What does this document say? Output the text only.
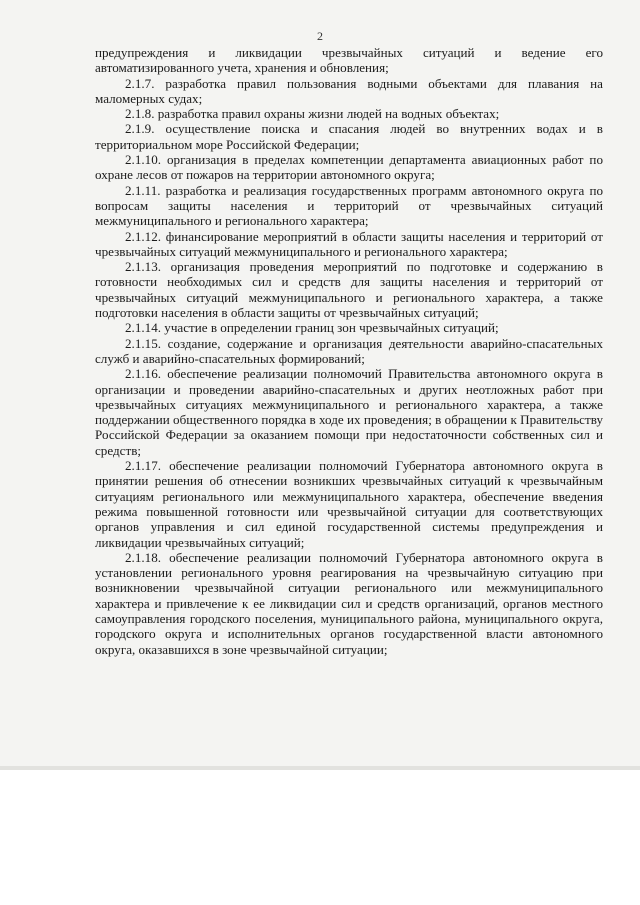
2

предупреждения и ликвидации чрезвычайных ситуаций и ведение его автоматизированного учета, хранения и обновления;

2.1.7. разработка правил пользования водными объектами для плавания на маломерных судах;

2.1.8. разработка правил охраны жизни людей на водных объектах;

2.1.9. осуществление поиска и спасания людей во внутренних водах и в территориальном море Российской Федерации;

2.1.10. организация в пределах компетенции департамента авиационных работ по охране лесов от пожаров на территории автономного округа;

2.1.11. разработка и реализация государственных программ автономного округа по вопросам защиты населения и территорий от чрезвычайных ситуаций межмуниципального и регионального характера;

2.1.12. финансирование мероприятий в области защиты населения и территорий от чрезвычайных ситуаций межмуниципального и регионального характера;

2.1.13. организация проведения мероприятий по подготовке и содержанию в готовности необходимых сил и средств для защиты населения и территорий от чрезвычайных ситуаций межмуниципального и регионального характера, а также подготовки населения в области защиты от чрезвычайных ситуаций;

2.1.14. участие в определении границ зон чрезвычайных ситуаций;

2.1.15. создание, содержание и организация деятельности аварийно-спасательных служб и аварийно-спасательных формирований;

2.1.16. обеспечение реализации полномочий Правительства автономного округа в организации и проведении аварийно-спасательных и других неотложных работ при чрезвычайных ситуациях межмуниципального и регионального характера, а также поддержании общественного порядка в ходе их проведения; в обращении к Правительству Российской Федерации за оказанием помощи при недостаточности собственных сил и средств;

2.1.17. обеспечение реализации полномочий Губернатора автономного округа в принятии решения об отнесении возникших чрезвычайных ситуаций к чрезвычайным ситуациям регионального или межмуниципального характера, обеспечение введения режима повышенной готовности или чрезвычайной ситуации для соответствующих органов управления и сил единой государственной системы предупреждения и ликвидации чрезвычайных ситуаций;

2.1.18. обеспечение реализации полномочий Губернатора автономного округа в установлении регионального уровня реагирования на чрезвычайную ситуацию при возникновении чрезвычайной ситуации регионального или межмуниципального характера и привлечение к ее ликвидации сил и средств организаций, органов местного самоуправления городского поселения, муниципального района, муниципального округа, городского округа и исполнительных органов государственной власти автономного округа, оказавшихся в зоне чрезвычайной ситуации;
